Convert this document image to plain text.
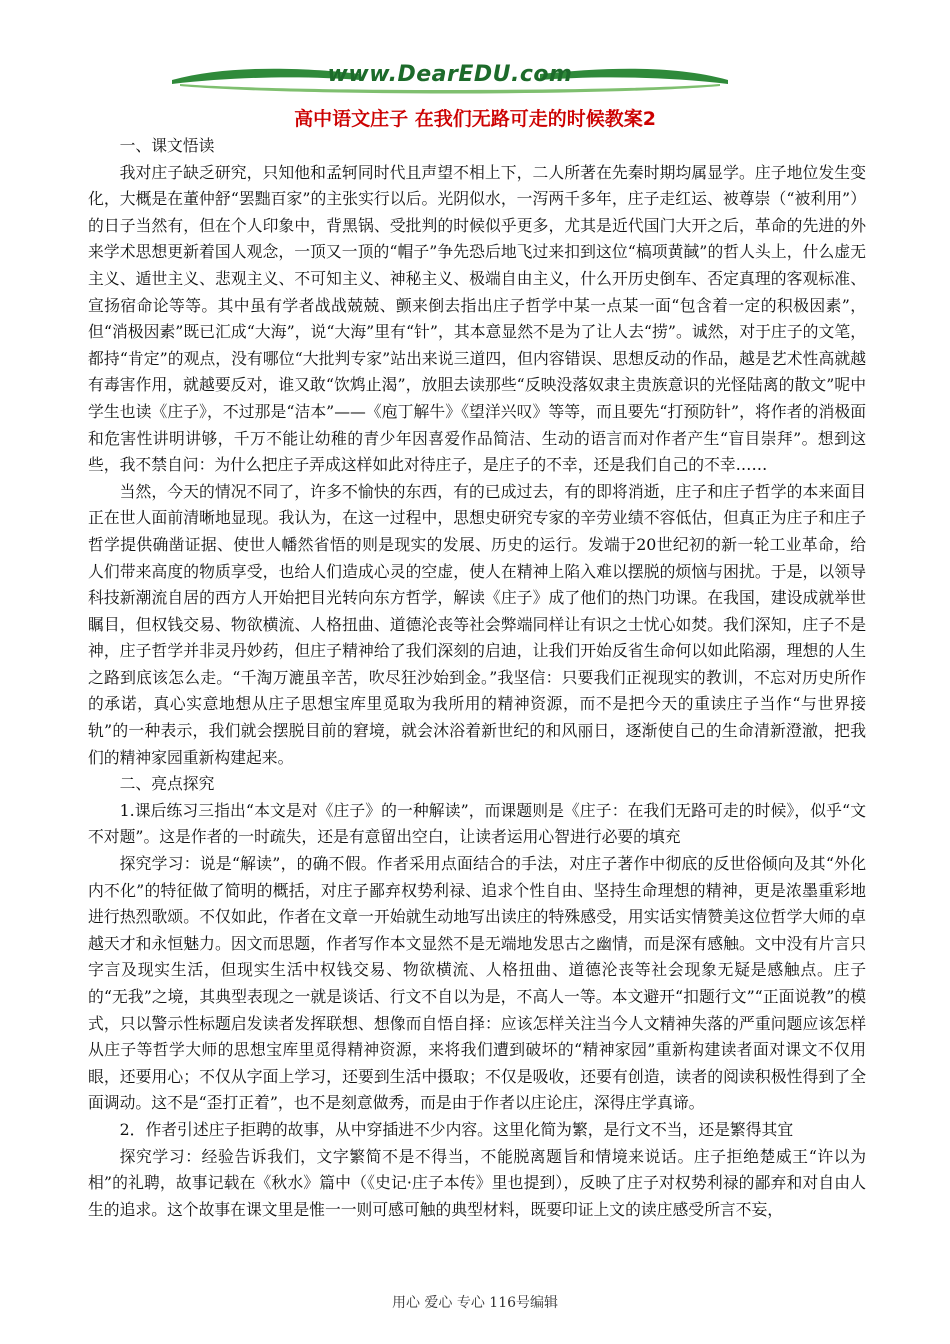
www.DearEDU.com
高中语文庄子 在我们无路可走的时候教案2

一、课文悟读

我对庄子缺乏研究，只知他和孟轲同时代且声望不相上下，二人所著在先秦时期均属显学。庄子地位发生变化，大概是在董仲舒“罢黜百家”的主张实行以后。光阴似水，一泻两千多年，庄子走红运、被尊崇（“被利用”）的日子当然有，但在个人印象中，背黑锅、受批判的时候似乎更多，尤其是近代国门大开之后，革命的先进的外来学术思想更新着国人观念，一顶又一顶的“帽子”争先恐后地飞过来扣到这位“槁项黄馘”的哲人头上，什么虚无主义、遁世主义、悲观主义、不可知主义、神秘主义、极端自由主义，什么开历史倒车、否定真理的客观标准、宣扬宿命论等等。其中虽有学者战战兢兢、颤来倒去指出庄子哲学中某一点某一面“包含着一定的积极因素”，但“消极因素”既已汇成“大海”，说“大海”里有“针”，其本意显然不是为了让人去“捞”。诚然，对于庄子的文笔，都持“肯定”的观点，没有哪位“大批判专家”站出来说三道四，但内容错误、思想反动的作品，越是艺术性高就越有毒害作用，就越要反对，谁又敢“饮鸩止渴”，放胆去读那些“反映没落奴隶主贵族意识的光怪陆离的散文”呢中学生也读《庄子》，不过那是“洁本”——《庖丁解牛》《望洋兴叹》等等，而且要先“打预防针”，将作者的消极面和危害性讲明讲够，千万不能让幼稚的青少年因喜爱作品简洁、生动的语言而对作者产生“盲目崇拜”。想到这些，我不禁自问：为什么把庄子弄成这样如此对待庄子，是庄子的不幸，还是我们自己的不幸……

当然，今天的情况不同了，许多不愉快的东西，有的已成过去，有的即将消逝，庄子和庄子哲学的本来面目正在世人面前清晰地显现。我认为，在这一过程中，思想史研究专家的辛劳业绩不容低估，但真正为庄子和庄子哲学提供确凿证据、使世人幡然省悟的则是现实的发展、历史的运行。发端于20世纪初的新一轮工业革命，给人们带来高度的物质享受，也给人们造成心灵的空虚，使人在精神上陷入难以摆脱的烦恼与困扰。于是，以领导科技新潮流自居的西方人开始把目光转向东方哲学，解读《庄子》成了他们的热门功课。在我国，建设成就举世瞩目，但权钱交易、物欲横流、人格扭曲、道德沦丧等社会弊端同样让有识之士忧心如焚。我们深知，庄子不是神，庄子哲学并非灵丹妙药，但庄子精神给了我们深刻的启迪，让我们开始反省生命何以如此陷溺，理想的人生之路到底该怎么走。“千淘万漉虽辛苦，吹尽狂沙始到金。”我坚信：只要我们正视现实的教训，不忘对历史所作的承诺，真心实意地想从庄子思想宝库里觅取为我所用的精神资源，而不是把今天的重读庄子当作“与世界接轨”的一种表示，我们就会摆脱目前的窘境，就会沐浴着新世纪的和风丽日，逐渐使自己的生命清新澄澈，把我们的精神家园重新构建起来。

二、亮点探究

1.课后练习三指出“本文是对《庄子》的一种解读”，而课题则是《庄子：在我们无路可走的时候》，似乎“文不对题”。这是作者的一时疏失，还是有意留出空白，让读者运用心智进行必要的填充

探究学习：说是“解读”，的确不假。作者采用点面结合的手法，对庄子著作中彻底的反世俗倾向及其“外化内不化”的特征做了简明的概括，对庄子鄙弃权势利禄、追求个性自由、坚持生命理想的精神，更是浓墨重彩地进行热烈歌颂。不仅如此，作者在文章一开始就生动地写出读庄的特殊感受，用实话实情赞美这位哲学大师的卓越天才和永恒魅力。因文而思题，作者写作本文显然不是无端地发思古之幽情，而是深有感触。文中没有片言只字言及现实生活，但现实生活中权钱交易、物欲横流、人格扭曲、道德沦丧等社会现象无疑是感触点。庄子的“无我”之境，其典型表现之一就是谈话、行文不自以为是，不高人一等。本文避开“扣题行文”“正面说教”的模式，只以警示性标题启发读者发挥联想、想像而自悟自择：应该怎样关注当今人文精神失落的严重问题应该怎样从庄子等哲学大师的思想宝库里觅得精神资源，来将我们遭到破坏的“精神家园”重新构建读者面对课文不仅用眼，还要用心；不仅从字面上学习，还要到生活中摄取；不仅是吸收，还要有创造，读者的阅读积极性得到了全面调动。这不是“歪打正着”，也不是刻意做秀，而是由于作者以庄论庄，深得庄学真谛。

2．作者引述庄子拒聘的故事，从中穿插进不少内容。这里化简为繁，是行文不当，还是繁得其宜

探究学习：经验告诉我们，文字繁简不是不得当，不能脱离题旨和情境来说话。庄子拒绝楚威王“许以为相”的礼聘，故事记载在《秋水》篇中（《史记·庄子本传》里也提到），反映了庄子对权势利禄的鄙弃和对自由人生的追求。这个故事在课文里是惟一一则可感可触的典型材料，既要印证上文的读庄感受所言不妄，

用心 爱心 专心 116号编辑
